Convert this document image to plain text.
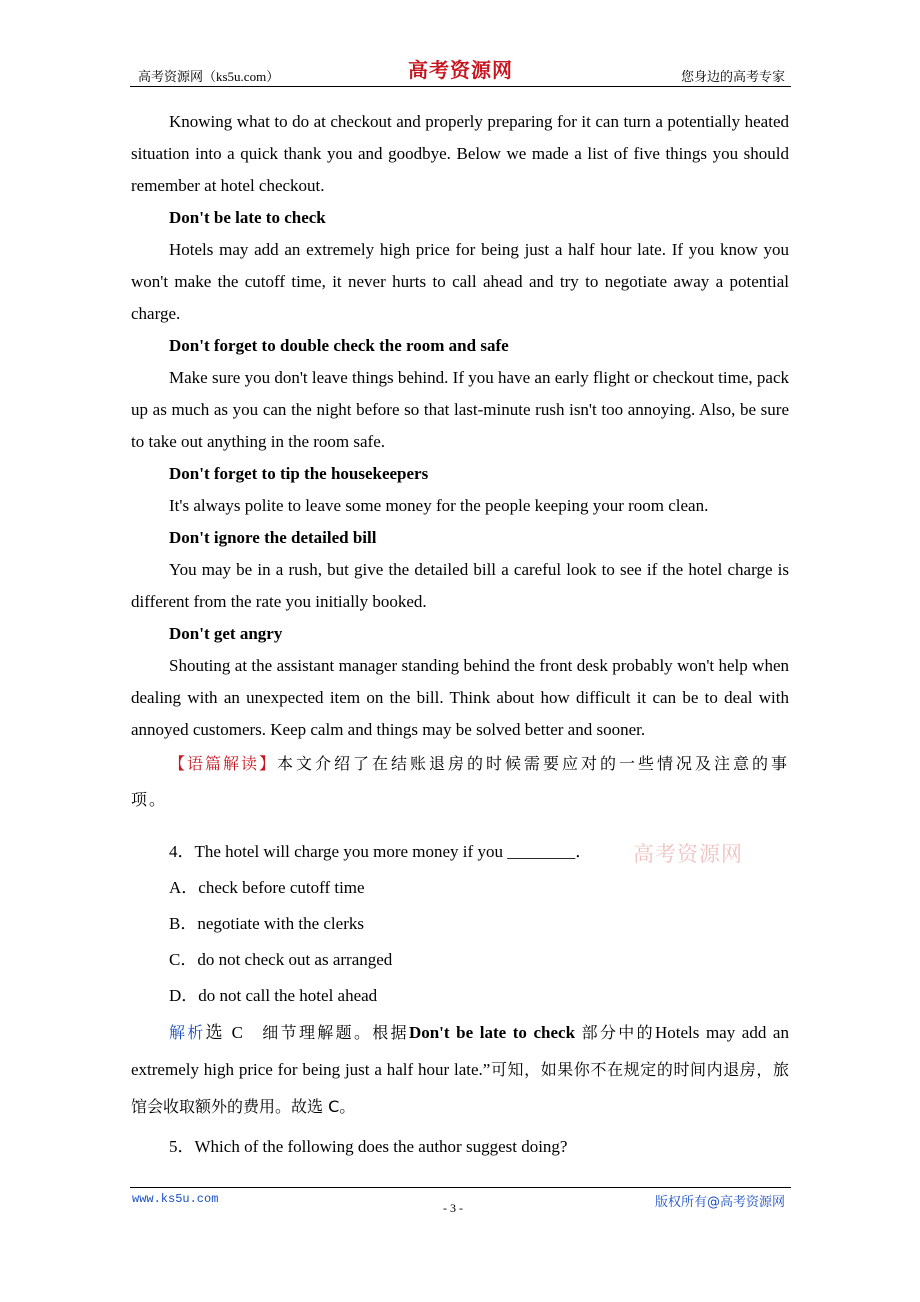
高考资源网（ks5u.com）	高考资源网	您身边的高考专家

Knowing what to do at checkout and properly preparing for it can turn a potentially heated situation into a quick thank you and goodbye. Below we made a list of five things you should remember at hotel checkout.

Don't be late to check

Hotels may add an extremely high price for being just a half hour late. If you know you won't make the cutoff time, it never hurts to call ahead and try to negotiate away a potential charge.

Don't forget to double check the room and safe

Make sure you don't leave things behind. If you have an early flight or checkout time, pack up as much as you can the night before so that last-minute rush isn't too annoying. Also, be sure to take out anything in the room safe.

Don't forget to tip the housekeepers

It's always polite to leave some money for the people keeping your room clean.

Don't ignore the detailed bill

You may be in a rush, but give the detailed bill a careful look to see if the hotel charge is different from the rate you initially booked.

Don't get angry

Shouting at the assistant manager standing behind the front desk probably won't help when dealing with an unexpected item on the bill. Think about how difficult it can be to deal with annoyed customers. Keep calm and things may be solved better and sooner.

【语篇解读】本文介绍了在结账退房的时候需要应对的一些情况及注意的事项。

4．The hotel will charge you more money if you ________． 高考资源网

A．check before cutoff time

B．negotiate with the clerks

C．do not check out as arranged

D．do not call the hotel ahead

解析选 C  细节理解题。根据Don't be late to check 部分中的Hotels may add an extremely high price for being just a half hour late.”可知，如果你不在规定的时间内退房，旅馆会收取额外的费用。故选 C。

5．Which of the following does the author suggest doing?

www.ks5u.com
- 3 -	版权所有@高考资源网
